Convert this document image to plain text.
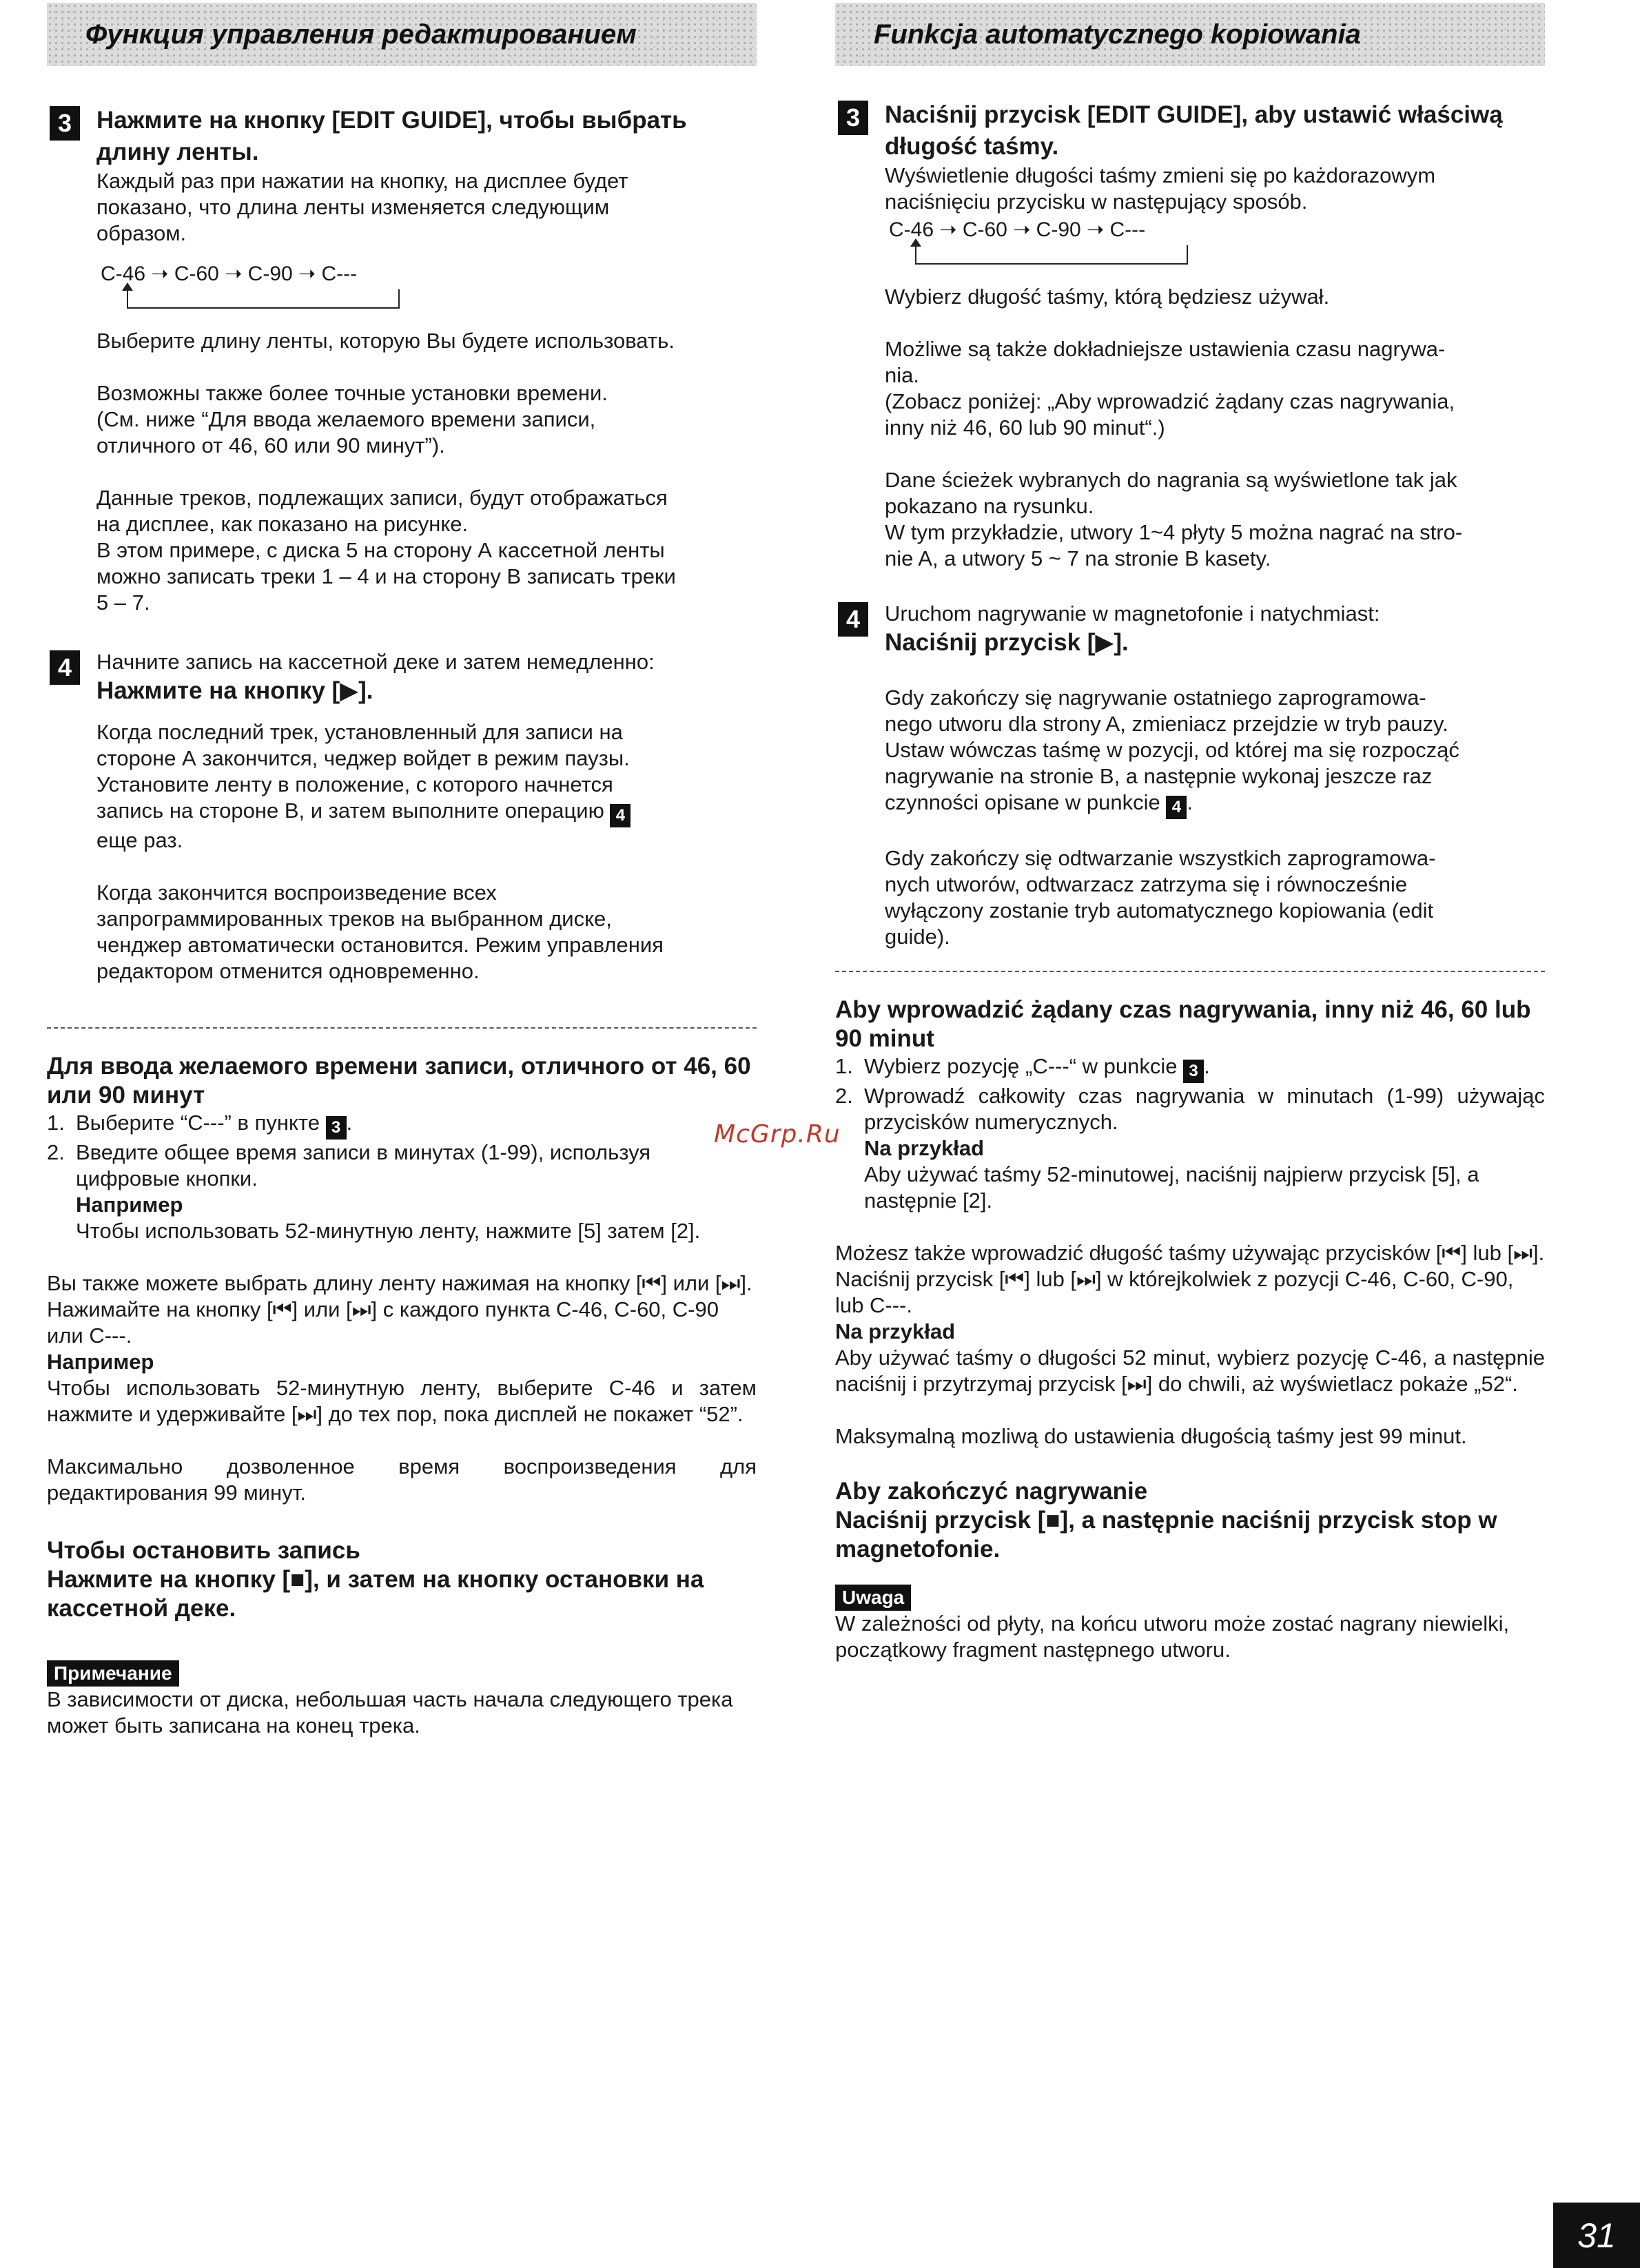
Функция управления редактированием
3	Нажмите на кнопку [EDIT GUIDE], чтобы выбрать длину ленты.

Каждый раз при нажатии на кнопку, на дисплее будет

показано, что длина ленты изменяется следующим

образом.

C-46 ➝ C-60 ➝ C-90 ➝ C---

Выберите длину ленты, которую Вы будете использовать.

Возможны также более точные установки времени.

(См. ниже “Для ввода желаемого времени записи,

отличного от 46, 60 или 90 минут”).

Данные треков, подлежащих записи, будут отображаться

на дисплее, как показано на рисунке.

В этом примере, с диска 5 на сторону А кассетной ленты

можно записать треки 1 – 4 и на сторону В записать треки

5 – 7.

4	Начните запись на кассетной деке и затем немедленно:

Нажмите на кнопку [▶].

Когда последний трек, установленный для записи на

стороне А закончится, чеджер войдет в режим паузы.

Установите ленту в положение, с которого начнется

запись на стороне В, и затем выполните операцию 4

еще раз.

Когда закончится воспроизведение всех

запрограммированных треков на выбранном диске,

чeнджер автоматически остановится. Режим управления

редактором отменится одновременно.

Для ввода желаемого времени записи, отличного от 46, 60 или 90 минут

1. Выберите “C---” в пункте 3 .
2. Введите общее время записи в минутах (1-99), используя цифровые кнопки.

Например

Чтобы использовать 52-минутную ленту, нажмите [5] затем [2].

Вы также можете выбрать длину ленту нажимая на кнопку [⏮] или [⏭].

Нажимайте на кнопку [⏮] или [⏭] с каждого пункта С-46, С-60, С-90 или С---.

Например

Чтобы использовать 52-минутную ленту, выберите С-46 и затем нажмите и удерживайте [⏭] до тех пор, пока дисплей не покажет “52”.

Максимально дозволенное время воспроизведения для редактирования 99 минут.

Чтобы остановить запись

Нажмите на кнопку [■], и затем на кнопку остановки на кассетной деке.

Примечание

В зависимости от диска, небольшая часть начала следующего трека может быть записана на конец трека.

Funkcja automatycznego kopiowania
3	Naciśnij przycisk [EDIT GUIDE], aby ustawić właściwą długość taśmy.

Wyświetlenie długości taśmy zmieni się po każdorazowym

naciśnięciu przycisku w następujący sposób.

C-46 ➝ C-60 ➝ C-90 ➝ C---

Wybierz długość taśmy, którą będziesz używał.

Możliwe są także dokładniejsze ustawienia czasu nagrywa-

nia.

(Zobacz poniżej: „Aby wprowadzić żądany czas nagrywania,

inny niż 46, 60 lub 90 minut“.)

Dane ścieżek wybranych do nagrania są wyświetlone tak jak

pokazano na rysunku.

W tym przykładzie, utwory 1~4 płyty 5 można nagrać na stro-

nie A, a utwory 5 ~ 7 na stronie B kasety.

4	Uruchom nagrywanie w magnetofonie i natychmiast:

Naciśnij przycisk [▶].

Gdy zakończy się nagrywanie ostatniego zaprogramowa-

nego utworu dla strony A, zmieniacz przejdzie w tryb pauzy.

Ustaw wówczas taśmę w pozycji, od której ma się rozpocząć

nagrywanie na stronie B, a następnie wykonaj jeszcze raz

czynności opisane w punkcie 4 .

Gdy zakończy się odtwarzanie wszystkich zaprogramowa-

nych utworów, odtwarzacz zatrzyma się i równocześnie

wyłączony zostanie tryb automatycznego kopiowania (edit

guide).

Aby wprowadzić żądany czas nagrywania, inny niż 46, 60 lub 90 minut

1. Wybierz pozycję „C---“ w punkcie 3 .
2. Wprowadź całkowity czas nagrywania w minutach (1-99) używając przycisków numerycznych.

Na przykład

Aby używać taśmy 52-minutowej, naciśnij najpierw przycisk [5], a następnie [2].

Możesz także wprowadzić długość taśmy używając przycisków [⏮] lub [⏭].

Naciśnij przycisk [⏮] lub [⏭] w którejkolwiek z pozycji C-46, C-60, C-90, lub C---.

Na przykład

Aby używać taśmy o długości 52 minut, wybierz pozycję C-46, a następnie naciśnij i przytrzymaj przycisk [⏭] do chwili, aż wyświetlacz pokaże „52“.

Maksymalną mozliwą do ustawienia długością taśmy jest 99 minut.

Aby zakończyć nagrywanie

Naciśnij przycisk [■], a następnie naciśnij przycisk stop w magnetofonie.

Uwaga

W zależności od płyty, na końcu utworu może zostać nagrany niewielki, początkowy fragment następnego utworu.

McGrp.Ru
31
